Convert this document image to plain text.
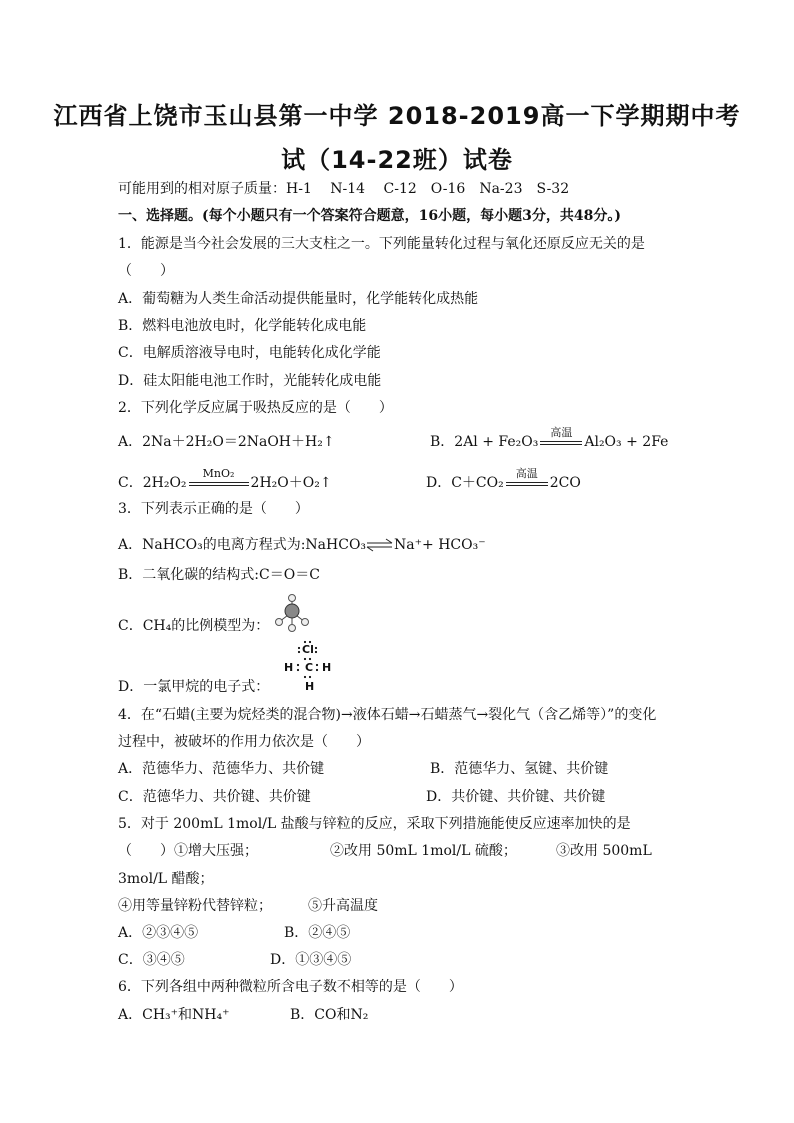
江西省上饶市玉山县第一中学 2018-2019高一下学期期中考
试（14-22班）试卷
可能用到的相对原子质量：H-1　 N-14　 C-12　O-16　Na-23　S-32
一、选择题。(每个小题只有一个答案符合题意，16小题，每小题3分，共48分。)
1．能源是当今社会发展的三大支柱之一。下列能量转化过程与氧化还原反应无关的是
（　　）
A．葡萄糖为人类生命活动提供能量时，化学能转化成热能
B．燃料电池放电时，化学能转化成电能
C．电解质溶液导电时，电能转化成化学能
D．硅太阳能电池工作时，光能转化成电能
2．下列化学反应属于吸热反应的是（　　）
A．2Na＋2H₂O＝2NaOH＋H₂↑	B．2Al + Fe₂O₃
高温
Al₂O₃ + 2Fe
C．2H₂O₂
MnO₂
2H₂O＋O₂↑	D．C＋CO₂
高温
2CO
3．下列表示正确的是（　　）
A．NaHCO₃的电离方程式为:NaHCO₃⇌Na⁺+ HCO₃⁻
B．二氧化碳的结构式:C＝O＝C
C．CH₄的比例模型为：
Cl
H C H
H
D．一氯甲烷的电子式：
4．在“石蜡(主要为烷烃类的混合物)→液体石蜡→石蜡蒸气→裂化气（含乙烯等）”的变化
过程中，被破坏的作用力依次是（　　）
A．范德华力、范德华力、共价键	B．范德华力、氢键、共价键
C．范德华力、共价键、共价键	D．共价键、共价键、共价键
5．对于 200mL 1mol/L 盐酸与锌粒的反应，采取下列措施能使反应速率加快的是
（　　）①增大压强；	②改用 50mL 1mol/L 硫酸；	③改用 500mL
3mol/L 醋酸；
④用等量锌粉代替锌粒；	⑤升高温度
A．②③④⑤	B．②④⑤
C．③④⑤	D．①③④⑤
6．下列各组中两种微粒所含电子数不相等的是（　　）
A．CH₃⁺和NH₄⁺	B．CO和N₂
